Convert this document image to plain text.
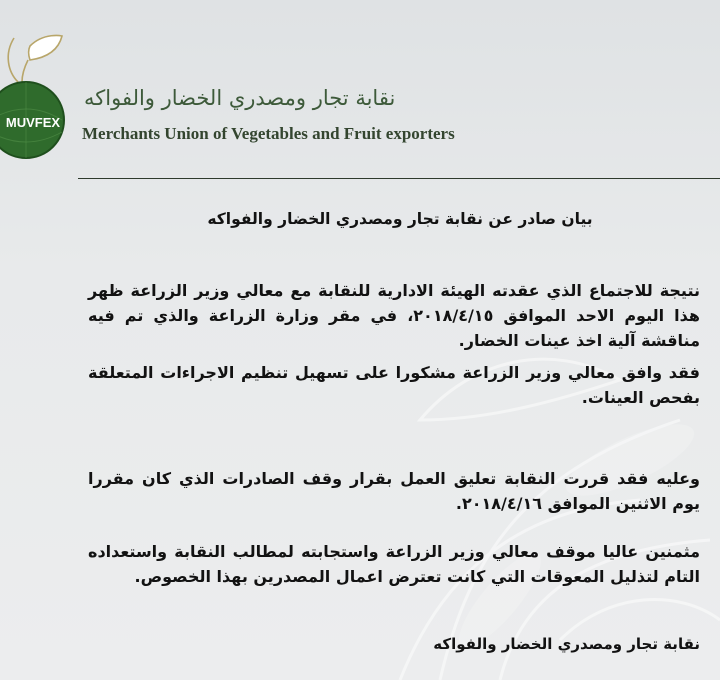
MUVFEX
نقابة تجار ومصدري الخضار والفواكه
Merchants Union of Vegetables and Fruit exporters
بيان صادر عن نقابة تجار ومصدري الخضار والفواكه
نتيجة للاجتماع الذي عقدته الهيئة الادارية للنقابة مع معالي وزير الزراعة ظهر هذا اليوم الاحد الموافق ٢٠١٨/٤/١٥، في مقر وزارة الزراعة والذي تم فيه مناقشة آلية اخذ عينات الخضار.
فقد وافق معالي وزير الزراعة مشكورا على تسهيل تنظيم الاجراءات المتعلقة بفحص العينات.
وعليه فقد قررت النقابة تعليق العمل بقرار وقف الصادرات الذي كان مقررا يوم الاثنين الموافق ٢٠١٨/٤/١٦.
مثمنين عاليا موقف معالي وزير الزراعة واستجابته لمطالب النقابة واستعداده التام لتذليل المعوقات التي كانت تعترض اعمال المصدرين بهذا الخصوص.
نقابة تجار ومصدري الخضار والفواكه
